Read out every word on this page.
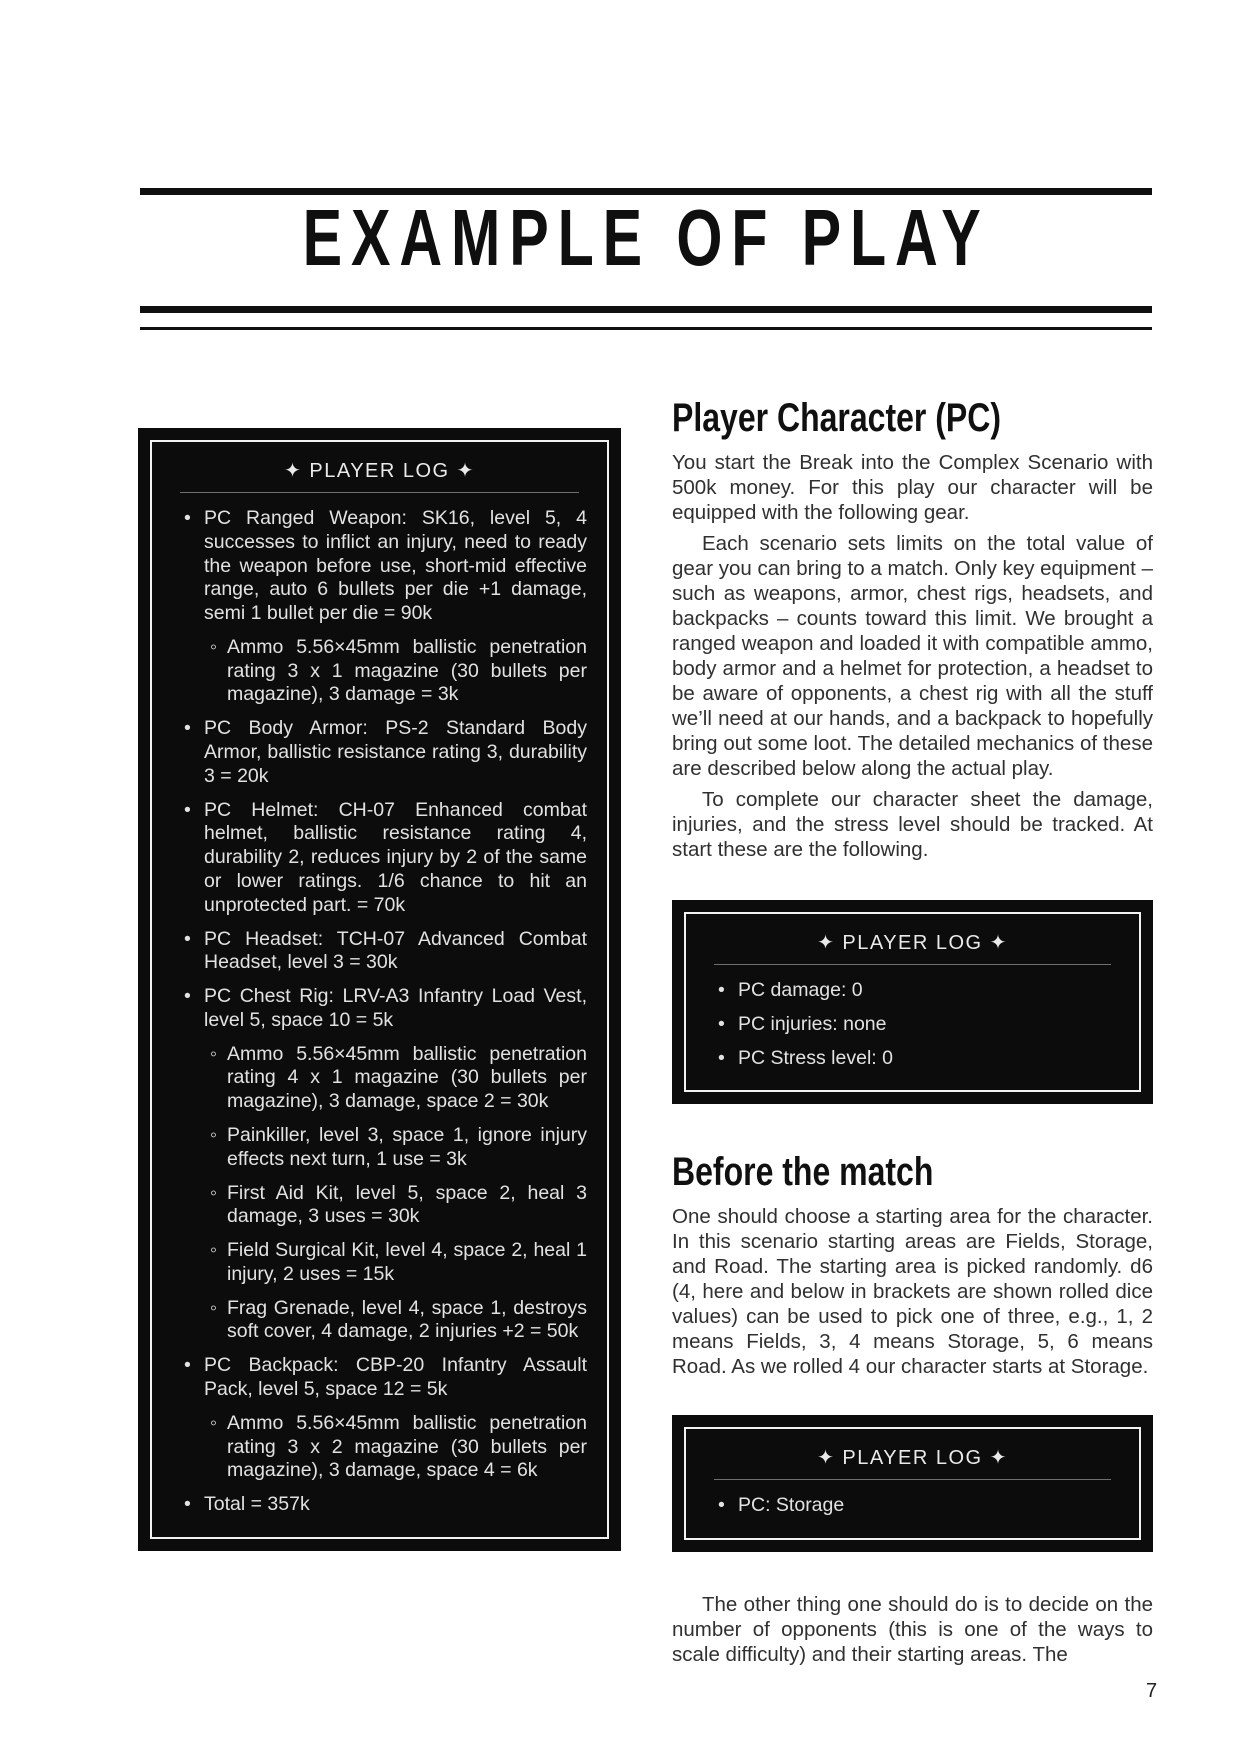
EXAMPLE OF PLAY
✦ PLAYER LOG ✦
• PC Ranged Weapon: SK16, level 5, 4 successes to inflict an injury, need to ready the weapon before use, short-mid effective range, auto 6 bullets per die +1 damage, semi 1 bullet per die = 90k
◦ Ammo 5.56×45mm ballistic penetration rating 3 x 1 magazine (30 bullets per magazine), 3 damage = 3k
• PC Body Armor: PS-2 Standard Body Armor, ballistic resistance rating 3, durability 3 = 20k
• PC Helmet: CH-07 Enhanced combat helmet, ballistic resistance rating 4, durability 2, reduces injury by 2 of the same or lower ratings. 1/6 chance to hit an unprotected part. = 70k
• PC Headset: TCH-07 Advanced Combat Headset, level 3 = 30k
• PC Chest Rig: LRV-A3 Infantry Load Vest, level 5, space 10 = 5k
◦ Ammo 5.56×45mm ballistic penetration rating 4 x 1 magazine (30 bullets per magazine), 3 damage, space 2 = 30k
◦ Painkiller, level 3, space 1, ignore injury effects next turn, 1 use = 3k
◦ First Aid Kit, level 5, space 2, heal 3 damage, 3 uses = 30k
◦ Field Surgical Kit, level 4, space 2, heal 1 injury, 2 uses = 15k
◦ Frag Grenade, level 4, space 1, destroys soft cover, 4 damage, 2 injuries +2 = 50k
• PC Backpack: CBP-20 Infantry Assault Pack, level 5, space 12 = 5k
◦ Ammo 5.56×45mm ballistic penetration rating 3 x 2 magazine (30 bullets per magazine), 3 damage, space 4 = 6k
• Total = 357k
Player Character (PC)

You start the Break into the Complex Scenario with 500k money. For this play our character will be equipped with the following gear.

Each scenario sets limits on the total value of gear you can bring to a match. Only key equipment – such as weapons, armor, chest rigs, headsets, and backpacks – counts toward this limit. We brought a ranged weapon and loaded it with compatible ammo, body armor and a helmet for protection, a headset to be aware of opponents, a chest rig with all the stuff we’ll need at our hands, and a backpack to hopefully bring out some loot. The detailed mechanics of these are described below along the actual play.

To complete our character sheet the damage, injuries, and the stress level should be tracked. At start these are the following.

✦ PLAYER LOG ✦
• PC damage: 0
• PC injuries: none
• PC Stress level: 0
Before the match

One should choose a starting area for the character. In this scenario starting areas are Fields, Storage, and Road. The starting area is picked randomly. d6 (4, here and below in brackets are shown rolled dice values) can be used to pick one of three, e.g., 1, 2 means Fields, 3, 4 means Storage, 5, 6 means Road. As we rolled 4 our character starts at Storage.

✦ PLAYER LOG ✦
• PC: Storage

The other thing one should do is to decide on the number of opponents (this is one of the ways to scale difficulty) and their starting areas. The

7
